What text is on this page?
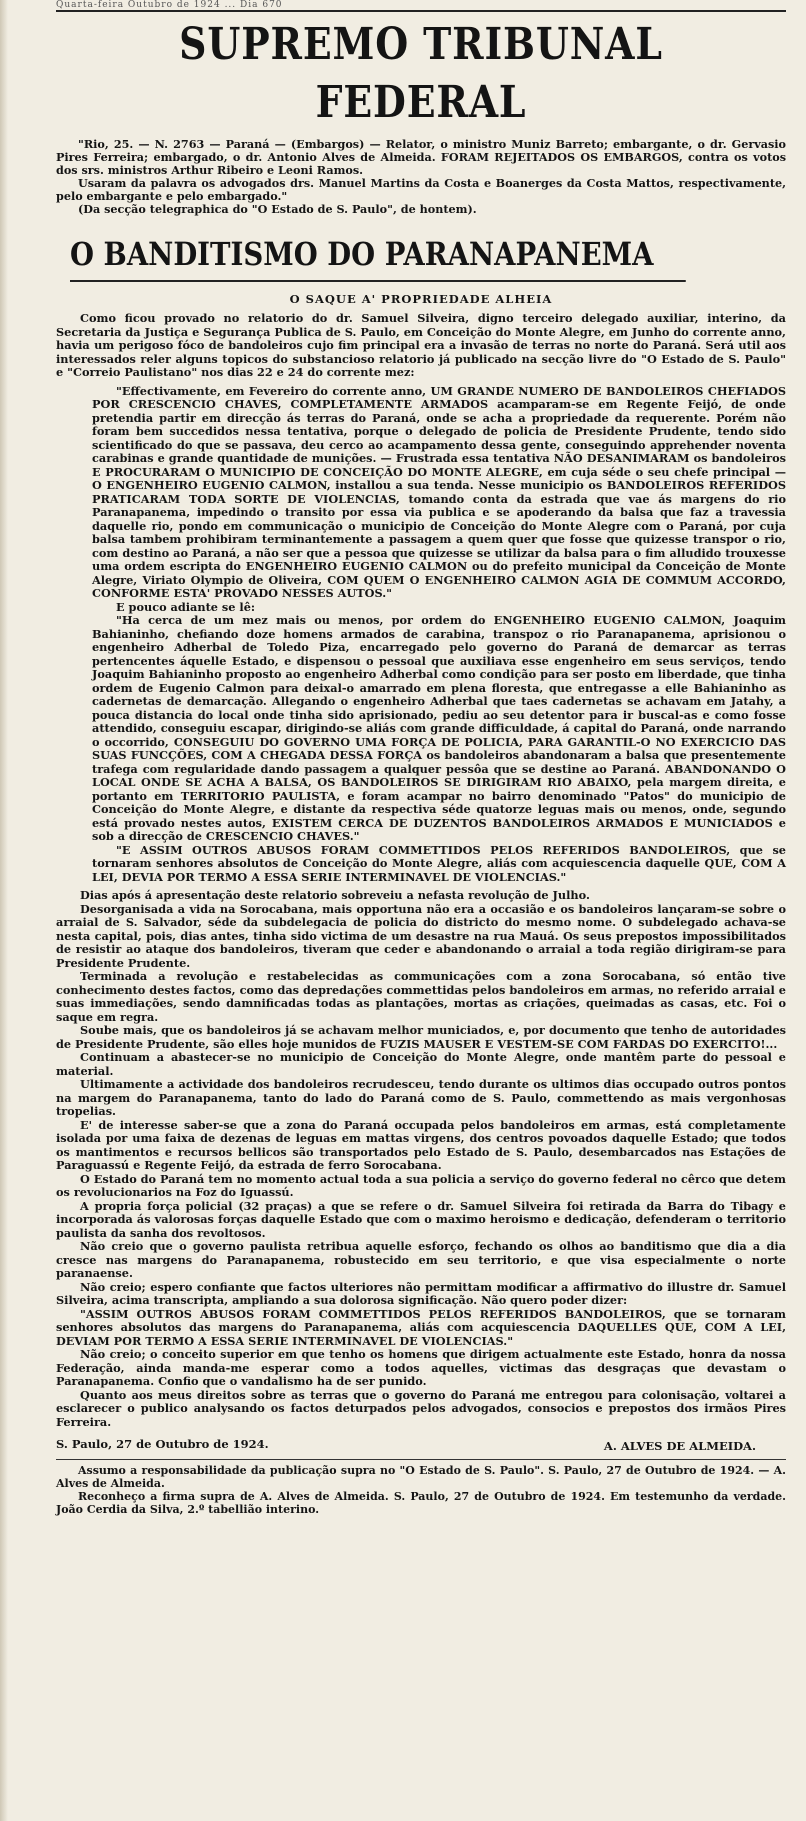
Quarta-feira Outubro de 1924 ... Dia 670
SUPREMO TRIBUNAL FEDERAL

"Rio, 25. — N. 2763 — Paraná — (Embargos) — Relator, o ministro Muniz Barreto; embargante, o dr. Gervasio Pires Ferreira; embargado, o dr. Antonio Alves de Almeida. FORAM REJEITADOS OS EMBARGOS, contra os votos dos srs. ministros Arthur Ribeiro e Leoni Ramos.

Usaram da palavra os advogados drs. Manuel Martins da Costa e Boanerges da Costa Mattos, respectivamente, pelo embargante e pelo embargado."

(Da secção telegraphica do "O Estado de S. Paulo", de hontem).

O BANDITISMO DO PARANAPANEMA
O SAQUE A' PROPRIEDADE ALHEIA

Como ficou provado no relatorio do dr. Samuel Silveira, digno terceiro delegado auxiliar, interino, da Secretaria da Justiça e Segurança Publica de S. Paulo, em Conceição do Monte Alegre, em Junho do corrente anno, havia um perigoso fóco de bandoleiros cujo fim principal era a invasão de terras no norte do Paraná. Será util aos interessados reler alguns topicos do substancioso relatorio já publicado na secção livre do "O Estado de S. Paulo" e "Correio Paulistano" nos dias 22 e 24 do corrente mez:

"Effectivamente, em Fevereiro do corrente anno, UM GRANDE NUMERO DE BANDOLEIROS CHEFIADOS POR CRESCENCIO CHAVES, COMPLETAMENTE ARMADOS acamparam-se em Regente Feijó, de onde pretendia partir em direcção ás terras do Paraná, onde se acha a propriedade da requerente. Porém não foram bem succedidos nessa tentativa, porque o delegado de policia de Presidente Prudente, tendo sido scientificado do que se passava, deu cerco ao acampamento dessa gente, conseguindo apprehender noventa carabinas e grande quantidade de munições. — Frustrada essa tentativa NÃO DESANIMARAM os bandoleiros E PROCURARAM O MUNICIPIO DE CONCEIÇÃO DO MONTE ALEGRE, em cuja séde o seu chefe principal — O ENGENHEIRO EUGENIO CALMON, installou a sua tenda. Nesse municipio os BANDOLEIROS REFERIDOS PRATICARAM TODA SORTE DE VIOLENCIAS, tomando conta da estrada que vae ás margens do rio Paranapanema, impedindo o transito por essa via publica e se apoderando da balsa que faz a travessia daquelle rio, pondo em communicação o municipio de Conceição do Monte Alegre com o Paraná, por cuja balsa tambem prohibiram terminantemente a passagem a quem quer que fosse que quizesse transpor o rio, com destino ao Paraná, a não ser que a pessoa que quizesse se utilizar da balsa para o fim alludido trouxesse uma ordem escripta do ENGENHEIRO EUGENIO CALMON ou do prefeito municipal da Conceição de Monte Alegre, Viriato Olympio de Oliveira, COM QUEM O ENGENHEIRO CALMON AGIA DE COMMUM ACCORDO, CONFORME ESTA' PROVADO NESSES AUTOS."

E pouco adiante se lê:

"Ha cerca de um mez mais ou menos, por ordem do ENGENHEIRO EUGENIO CALMON, Joaquim Bahianinho, chefiando doze homens armados de carabina, transpoz o rio Paranapanema, aprisionou o engenheiro Adherbal de Toledo Piza, encarregado pelo governo do Paraná de demarcar as terras pertencentes áquelle Estado, e dispensou o pessoal que auxiliava esse engenheiro em seus serviços, tendo Joaquim Bahianinho proposto ao engenheiro Adherbal como condição para ser posto em liberdade, que tinha ordem de Eugenio Calmon para deixal-o amarrado em plena floresta, que entregasse a elle Bahianinho as cadernetas de demarcação. Allegando o engenheiro Adherbal que taes cadernetas se achavam em Jatahy, a pouca distancia do local onde tinha sido aprisionado, pediu ao seu detentor para ir buscal-as e como fosse attendido, conseguiu escapar, dirigindo-se aliás com grande difficuldade, á capital do Paraná, onde narrando o occorrido, CONSEGUIU DO GOVERNO UMA FORÇA DE POLICIA, PARA GARANTIL-O NO EXERCICIO DAS SUAS FUNCÇÕES, COM A CHEGADA DESSA FORÇA os bandoleiros abandonaram a balsa que presentemente trafega com regularidade dando passagem a qualquer pessôa que se destine ao Paraná. ABANDONANDO O LOCAL ONDE SE ACHA A BALSA, OS BANDOLEIROS SE DIRIGIRAM RIO ABAIXO, pela margem direita, e portanto em TERRITORIO PAULISTA, e foram acampar no bairro denominado "Patos" do municipio de Conceição do Monte Alegre, e distante da respectiva séde quatorze leguas mais ou menos, onde, segundo está provado nestes autos, EXISTEM CERCA DE DUZENTOS BANDOLEIROS ARMADOS E MUNICIADOS e sob a direcção de CRESCENCIO CHAVES."

"E ASSIM OUTROS ABUSOS FORAM COMMETTIDOS PELOS REFERIDOS BANDOLEIROS, que se tornaram senhores absolutos de Conceição do Monte Alegre, aliás com acquiescencia daquelle QUE, COM A LEI, DEVIA POR TERMO A ESSA SERIE INTERMINAVEL DE VIOLENCIAS."

Dias após á apresentação deste relatorio sobreveiu a nefasta revolução de Julho.

Desorganisada a vida na Sorocabana, mais opportuna não era a occasião e os bandoleiros lançaram-se sobre o arraial de S. Salvador, séde da subdelegacia de policia do districto do mesmo nome. O subdelegado achava-se nesta capital, pois, dias antes, tinha sido victima de um desastre na rua Mauá. Os seus prepostos impossibilitados de resistir ao ataque dos bandoleiros, tiveram que ceder e abandonando o arraial a toda região dirigiram-se para Presidente Prudente.

Terminada a revolução e restabelecidas as communicações com a zona Sorocabana, só então tive conhecimento destes factos, como das depredações commettidas pelos bandoleiros em armas, no referido arraial e suas immediações, sendo damnificadas todas as plantações, mortas as criações, queimadas as casas, etc. Foi o saque em regra.

Soube mais, que os bandoleiros já se achavam melhor municiados, e, por documento que tenho de autoridades de Presidente Prudente, são elles hoje munidos de FUZIS MAUSER E VESTEM-SE COM FARDAS DO EXERCITO!...

Continuam a abastecer-se no municipio de Conceição do Monte Alegre, onde mantêm parte do pessoal e material.

Ultimamente a actividade dos bandoleiros recrudesceu, tendo durante os ultimos dias occupado outros pontos na margem do Paranapanema, tanto do lado do Paraná como de S. Paulo, commettendo as mais vergonhosas tropelias.

E' de interesse saber-se que a zona do Paraná occupada pelos bandoleiros em armas, está completamente isolada por uma faixa de dezenas de leguas em mattas virgens, dos centros povoados daquelle Estado; que todos os mantimentos e recursos bellicos são transportados pelo Estado de S. Paulo, desembarcados nas Estações de Paraguassú e Regente Feijó, da estrada de ferro Sorocabana.

O Estado do Paraná tem no momento actual toda a sua policia a serviço do governo federal no cêrco que detem os revolucionarios na Foz do Iguassú.

A propria força policial (32 praças) a que se refere o dr. Samuel Silveira foi retirada da Barra do Tibagy e incorporada ás valorosas forças daquelle Estado que com o maximo heroismo e dedicação, defenderam o territorio paulista da sanha dos revoltosos.

Não creio que o governo paulista retribua aquelle esforço, fechando os olhos ao banditismo que dia a dia cresce nas margens do Paranapanema, robustecido em seu territorio, e que visa especialmente o norte paranaense.

Não creio; espero confiante que factos ulteriores não permittam modificar a affirmativo do illustre dr. Samuel Silveira, acima transcripta, ampliando a sua dolorosa significação. Não quero poder dizer:

"ASSIM OUTROS ABUSOS FORAM COMMETTIDOS PELOS REFERIDOS BANDOLEIROS, que se tornaram senhores absolutos das margens do Paranapanema, aliás com acquiescencia DAQUELLES QUE, COM A LEI, DEVIAM POR TERMO A ESSA SERIE INTERMINAVEL DE VIOLENCIAS."

Não creio; o conceito superior em que tenho os homens que dirigem actualmente este Estado, honra da nossa Federação, ainda manda-me esperar como a todos aquelles, victimas das desgraças que devastam o Paranapanema. Confio que o vandalismo ha de ser punido.

Quanto aos meus direitos sobre as terras que o governo do Paraná me entregou para colonisação, voltarei a esclarecer o publico analysando os factos deturpados pelos advogados, consocios e prepostos dos irmãos Pires Ferreira.

S. Paulo, 27 de Outubro de 1924.	A. ALVES DE ALMEIDA.
Assumo a responsabilidade da publicação supra no "O Estado de S. Paulo". S. Paulo, 27 de Outubro de 1924. — A. Alves de Almeida.
Reconheço a firma supra de A. Alves de Almeida. S. Paulo, 27 de Outubro de 1924. Em testemunho da verdade. João Cerdia da Silva, 2.º tabellião interino.
